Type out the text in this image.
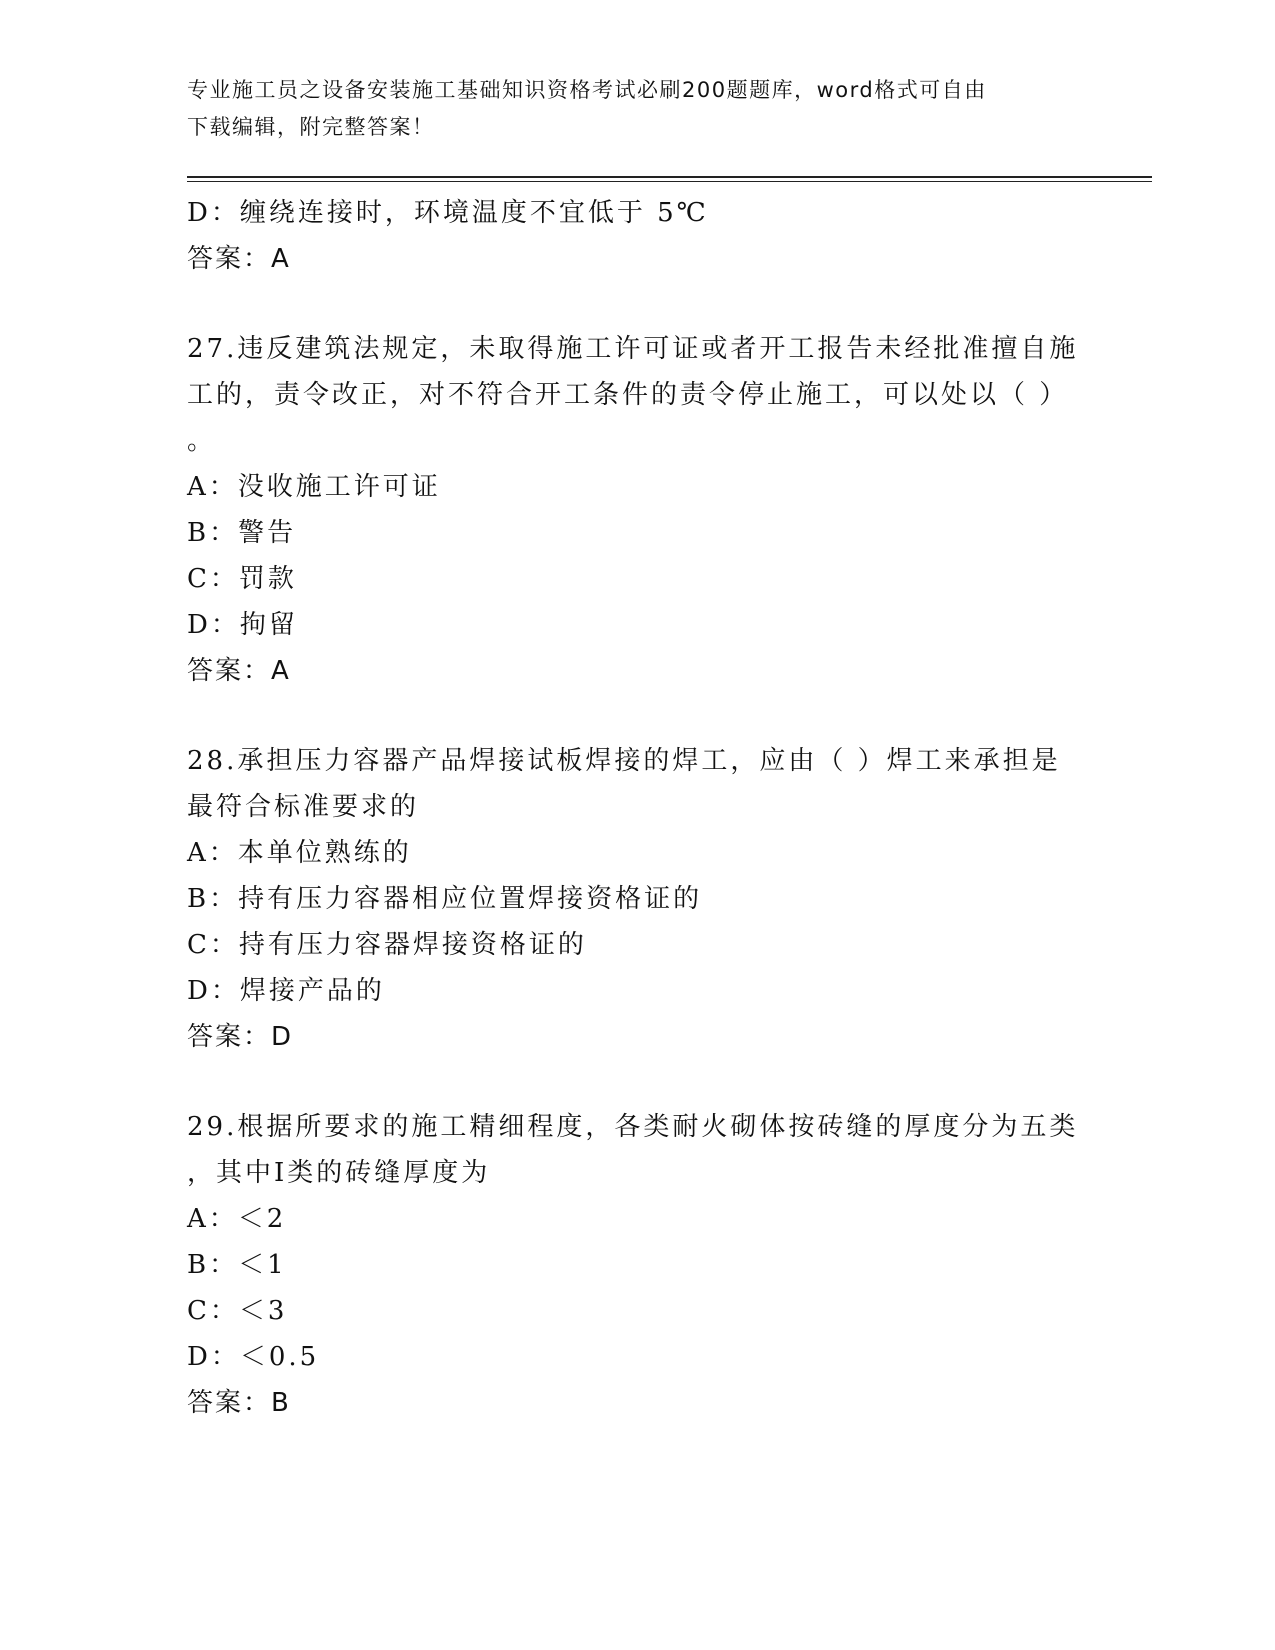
专业施工员之设备安装施工基础知识资格考试必刷200题题库，word格式可自由
下载编辑，附完整答案！
D：缠绕连接时，环境温度不宜低于 5℃
答案：A
27.违反建筑法规定，未取得施工许可证或者开工报告未经批准擅自施
工的，责令改正，对不符合开工条件的责令停止施工，可以处以（ ）
。
A：没收施工许可证
B：警告
C：罚款
D：拘留
答案：A
28.承担压力容器产品焊接试板焊接的焊工，应由（ ）焊工来承担是
最符合标准要求的
A：本单位熟练的
B：持有压力容器相应位置焊接资格证的
C：持有压力容器焊接资格证的
D：焊接产品的
答案：D
29.根据所要求的施工精细程度，各类耐火砌体按砖缝的厚度分为五类
，其中Ⅰ类的砖缝厚度为
A：＜2
B：＜1
C：＜3
D：＜0.5
答案：B
